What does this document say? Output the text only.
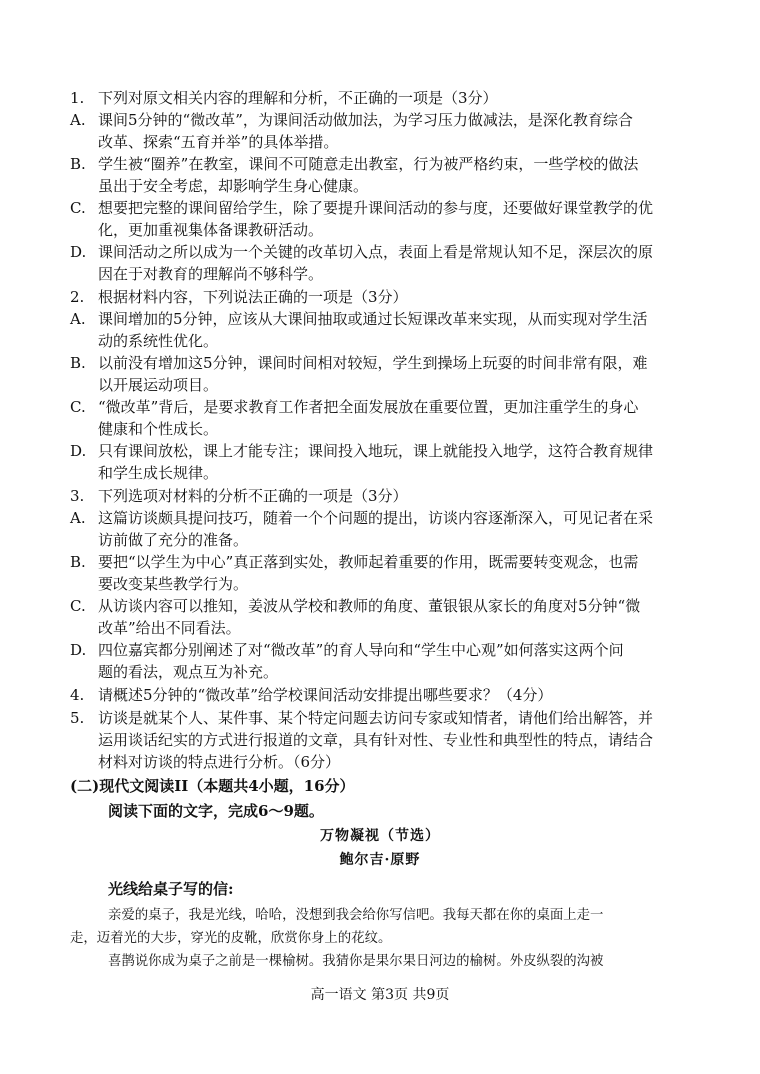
1. 下列对原文相关内容的理解和分析，不正确的一项是（3分）
A. 课间5分钟的“微改革”，为课间活动做加法，为学习压力做减法，是深化教育综合
改革、探索“五育并举”的具体举措。
B. 学生被“圈养”在教室，课间不可随意走出教室，行为被严格约束，一些学校的做法
虽出于安全考虑，却影响学生身心健康。
C. 想要把完整的课间留给学生，除了要提升课间活动的参与度，还要做好课堂教学的优
化，更加重视集体备课教研活动。
D. 课间活动之所以成为一个关键的改革切入点，表面上看是常规认知不足，深层次的原
因在于对教育的理解尚不够科学。
2. 根据材料内容，下列说法正确的一项是（3分）
A. 课间增加的5分钟，应该从大课间抽取或通过长短课改革来实现，从而实现对学生活
动的系统性优化。
B. 以前没有增加这5分钟，课间时间相对较短，学生到操场上玩耍的时间非常有限，难
以开展运动项目。
C. “微改革”背后，是要求教育工作者把全面发展放在重要位置，更加注重学生的身心
健康和个性成长。
D. 只有课间放松，课上才能专注；课间投入地玩，课上就能投入地学，这符合教育规律
和学生成长规律。
3. 下列选项对材料的分析不正确的一项是（3分）
A. 这篇访谈颇具提问技巧，随着一个个问题的提出，访谈内容逐渐深入，可见记者在采
访前做了充分的准备。
B. 要把“以学生为中心”真正落到实处，教师起着重要的作用，既需要转变观念，也需
要改变某些教学行为。
C. 从访谈内容可以推知，姜波从学校和教师的角度、董银银从家长的角度对5分钟“微
改革”给出不同看法。
D. 四位嘉宾都分别阐述了对“微改革”的育人导向和“学生中心观”如何落实这两个问
题的看法，观点互为补充。
4. 请概述5分钟的“微改革”给学校课间活动安排提出哪些要求？（4分）
5. 访谈是就某个人、某件事、某个特定问题去访问专家或知情者，请他们给出解答，并
运用谈话纪实的方式进行报道的文章，具有针对性、专业性和典型性的特点，请结合
材料对访谈的特点进行分析。（6分）
(二)现代文阅读II（本题共4小题，16分）
阅读下面的文字，完成6～9题。
万物凝视（节选）
鲍尔吉·原野
光线给桌子写的信:
亲爱的桌子，我是光线，哈哈，没想到我会给你写信吧。我每天都在你的桌面上走一
走，迈着光的大步，穿光的皮靴，欣赏你身上的花纹。
喜鹊说你成为桌子之前是一棵榆树。我猜你是果尔果日河边的榆树。外皮纵裂的沟被
高一语文 第3页 共9页
